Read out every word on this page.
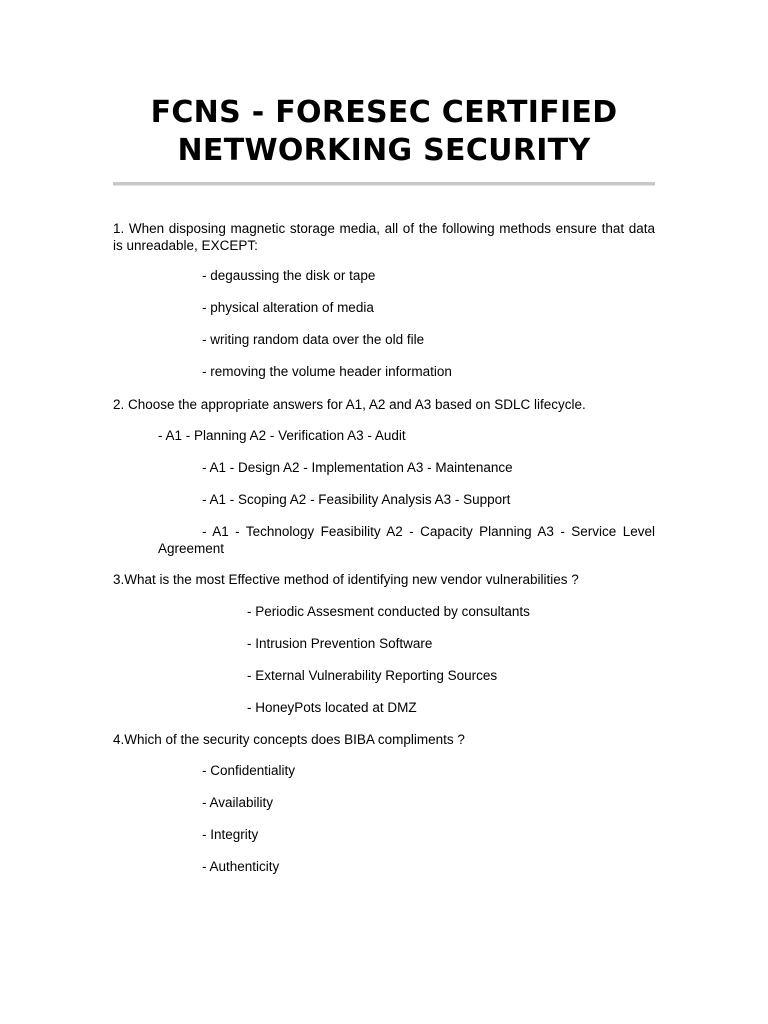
FCNS - FORESEC CERTIFIED
NETWORKING SECURITY
1. When disposing magnetic storage media, all of the following methods ensure that data is unreadable, EXCEPT:
- degaussing the disk or tape
- physical alteration of media
- writing random data over the old file
- removing the volume header information
2. Choose the appropriate answers for A1, A2 and A3 based on SDLC lifecycle.
- A1 - Planning A2 - Verification A3 - Audit
- A1 - Design A2 - Implementation A3 - Maintenance
- A1 - Scoping A2 - Feasibility Analysis A3 - Support
- A1 - Technology Feasibility A2 - Capacity Planning A3 - Service Level Agreement
3.What is the most Effective method of identifying new vendor vulnerabilities ?
- Periodic Assesment conducted by consultants
- Intrusion Prevention Software
- External Vulnerability Reporting Sources
- HoneyPots located at DMZ
4.Which of the security concepts does BIBA compliments ?
- Confidentiality
- Availability
- Integrity
- Authenticity
